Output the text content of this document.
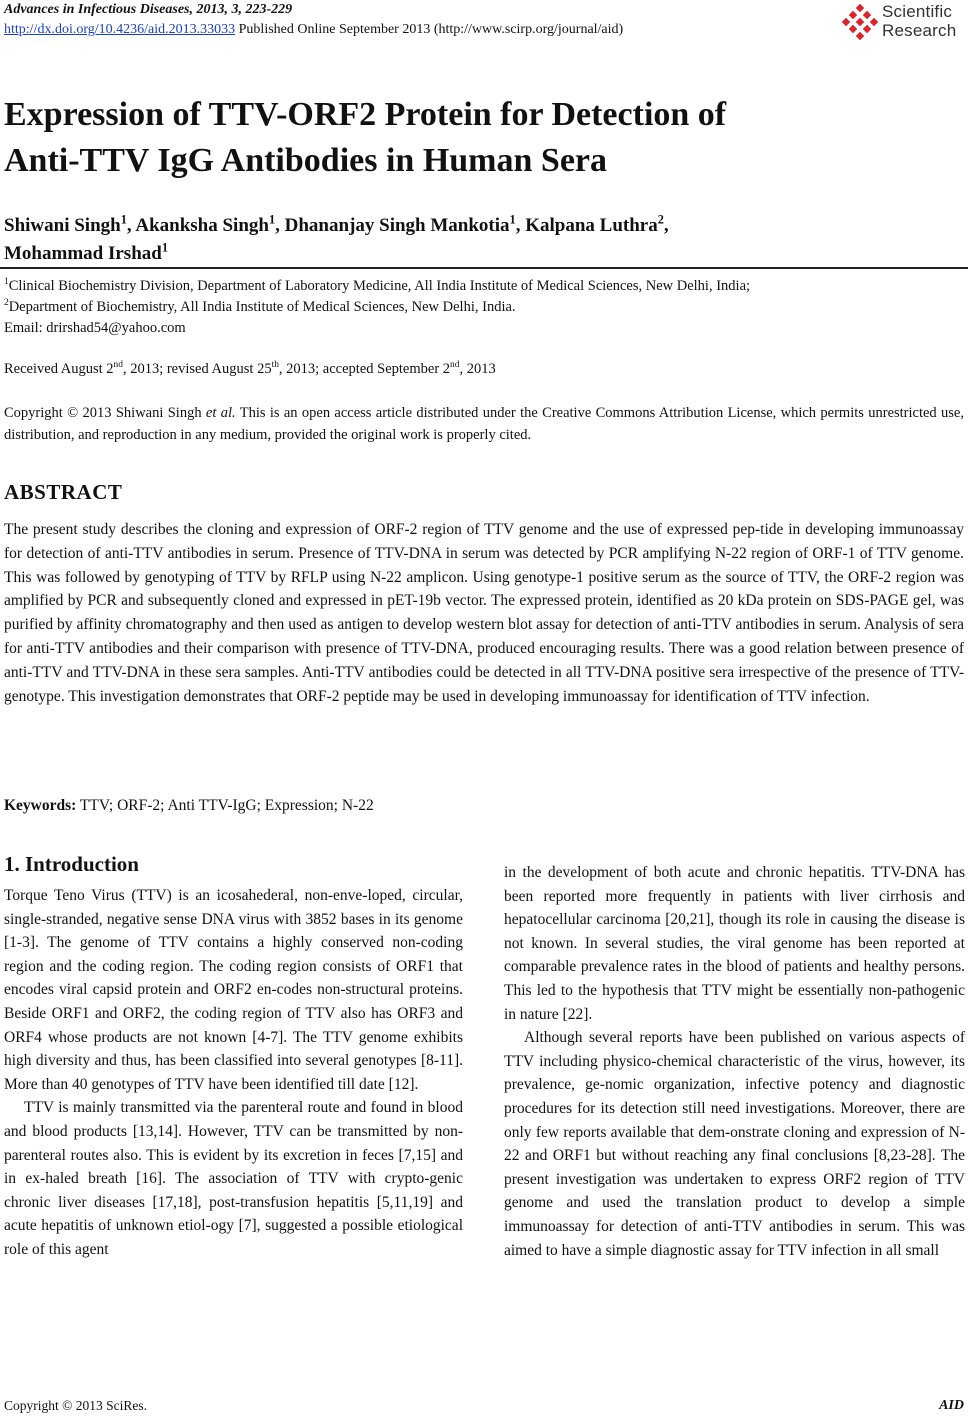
Advances in Infectious Diseases, 2013, 3, 223-229
http://dx.doi.org/10.4236/aid.2013.33033 Published Online September 2013 (http://www.scirp.org/journal/aid)
Scientific
Research
Expression of TTV-ORF2 Protein for Detection of
Anti-TTV IgG Antibodies in Human Sera
Shiwani Singh$^1$, Akanksha Singh$^1$, Dhananjay Singh Mankotia$^1$, Kalpana Luthra$^2$,
Mohammad Irshad$^1$
$^1$Clinical Biochemistry Division, Department of Laboratory Medicine, All India Institute of Medical Sciences, New Delhi, India;
$^2$Department of Biochemistry, All India Institute of Medical Sciences, New Delhi, India.
Email: drirshad54@yahoo.com
Received August 2nd, 2013; revised August 25th, 2013; accepted September 2nd, 2013
Copyright © 2013 Shiwani Singh et al. This is an open access article distributed under the Creative Commons Attribution License, which permits unrestricted use, distribution, and reproduction in any medium, provided the original work is properly cited.
ABSTRACT
The present study describes the cloning and expression of ORF-2 region of TTV genome and the use of expressed pep-tide in developing immunoassay for detection of anti-TTV antibodies in serum. Presence of TTV-DNA in serum was detected by PCR amplifying N-22 region of ORF-1 of TTV genome. This was followed by genotyping of TTV by RFLP using N-22 amplicon. Using genotype-1 positive serum as the source of TTV, the ORF-2 region was amplified by PCR and subsequently cloned and expressed in pET-19b vector. The expressed protein, identified as 20 kDa protein on SDS-PAGE gel, was purified by affinity chromatography and then used as antigen to develop western blot assay for detection of anti-TTV antibodies in serum. Analysis of sera for anti-TTV antibodies and their comparison with presence of TTV-DNA, produced encouraging results. There was a good relation between presence of anti-TTV and TTV-DNA in these sera samples. Anti-TTV antibodies could be detected in all TTV-DNA positive sera irrespective of the presence of TTV-genotype. This investigation demonstrates that ORF-2 peptide may be used in developing immunoassay for identification of TTV infection.
Keywords: TTV; ORF-2; Anti TTV-IgG; Expression; N-22
1. Introduction

Torque Teno Virus (TTV) is an icosahederal, non-enve-loped, circular, single-stranded, negative sense DNA virus with 3852 bases in its genome [1-3]. The genome of TTV contains a highly conserved non-coding region and the coding region. The coding region consists of ORF1 that encodes viral capsid protein and ORF2 en-codes non-structural proteins. Beside ORF1 and ORF2, the coding region of TTV also has ORF3 and ORF4 whose products are not known [4-7]. The TTV genome exhibits high diversity and thus, has been classified into several genotypes [8-11]. More than 40 genotypes of TTV have been identified till date [12].

TTV is mainly transmitted via the parenteral route and found in blood and blood products [13,14]. However, TTV can be transmitted by non-parenteral routes also. This is evident by its excretion in feces [7,15] and in ex-haled breath [16]. The association of TTV with crypto-genic chronic liver diseases [17,18], post-transfusion hepatitis [5,11,19] and acute hepatitis of unknown etiol-ogy [7], suggested a possible etiological role of this agent

in the development of both acute and chronic hepatitis. TTV-DNA has been reported more frequently in patients with liver cirrhosis and hepatocellular carcinoma [20,21], though its role in causing the disease is not known. In several studies, the viral genome has been reported at comparable prevalence rates in the blood of patients and healthy persons. This led to the hypothesis that TTV might be essentially non-pathogenic in nature [22].

Although several reports have been published on various aspects of TTV including physico-chemical characteristic of the virus, however, its prevalence, ge-nomic organization, infective potency and diagnostic procedures for its detection still need investigations. Moreover, there are only few reports available that dem-onstrate cloning and expression of N-22 and ORF1 but without reaching any final conclusions [8,23-28]. The present investigation was undertaken to express ORF2 region of TTV genome and used the translation product to develop a simple immunoassay for detection of anti-TTV antibodies in serum. This was aimed to have a simple diagnostic assay for TTV infection in all small

Copyright © 2013 SciRes.	AID
